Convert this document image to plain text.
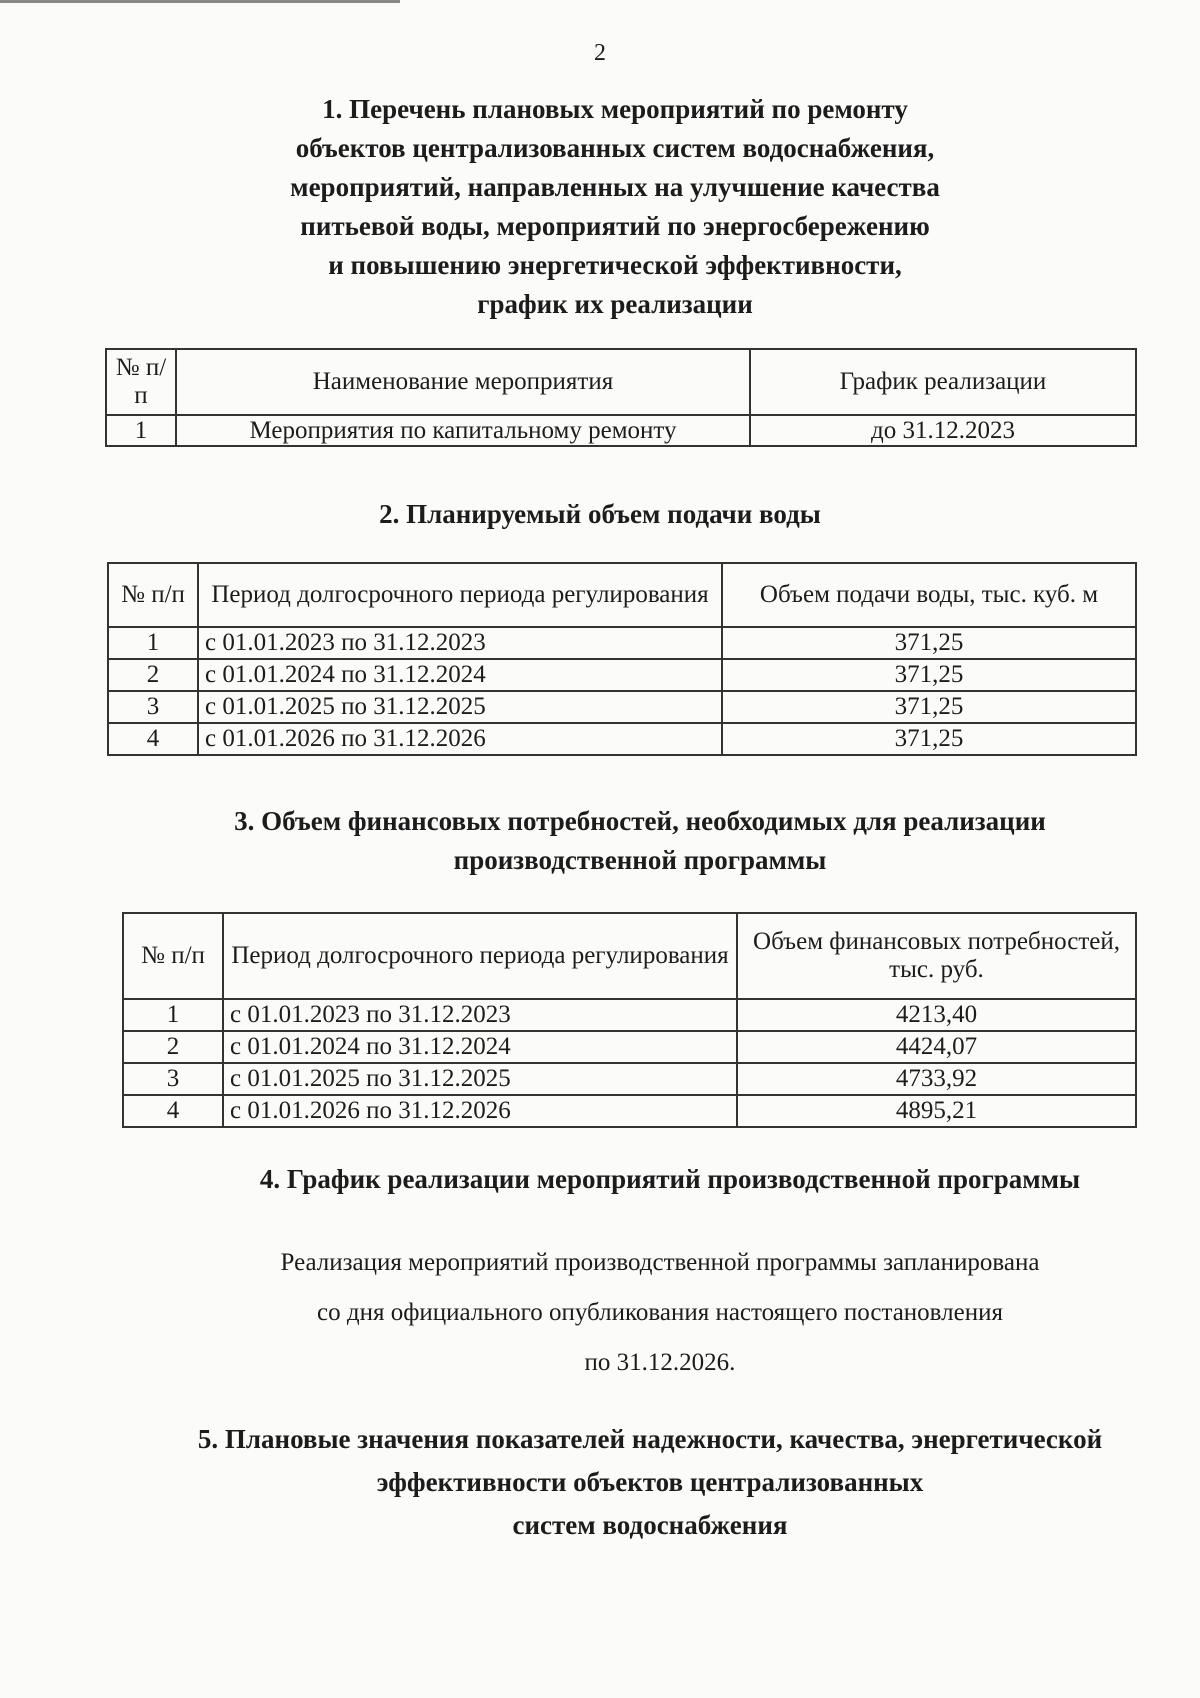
2
1. Перечень плановых мероприятий по ремонту
объектов централизованных систем водоснабжения,
мероприятий, направленных на улучшение качества
питьевой воды, мероприятий по энергосбережению
и повышению энергетической эффективности,
график их реализации
№ п/п	Наименование мероприятия	График реализации
1	Мероприятия по капитальному ремонту	до 31.12.2023
2. Планируемый объем подачи воды
№ п/п	Период долгосрочного периода регулирования	Объем подачи воды, тыс. куб. м
1	с 01.01.2023 по 31.12.2023	371,25
2	с 01.01.2024 по 31.12.2024	371,25
3	с 01.01.2025 по 31.12.2025	371,25
4	с 01.01.2026 по 31.12.2026	371,25
3. Объем финансовых потребностей, необходимых для реализации
производственной программы
№ п/п	Период долгосрочного периода регулирования	Объем финансовых потребностей, тыс. руб.
1	с 01.01.2023 по 31.12.2023	4213,40
2	с 01.01.2024 по 31.12.2024	4424,07
3	с 01.01.2025 по 31.12.2025	4733,92
4	с 01.01.2026 по 31.12.2026	4895,21
4. График реализации мероприятий производственной программы
Реализация мероприятий производственной программы запланирована
со дня официального опубликования настоящего постановления
по 31.12.2026.
5. Плановые значения показателей надежности, качества, энергетической
эффективности объектов централизованных
систем водоснабжения
